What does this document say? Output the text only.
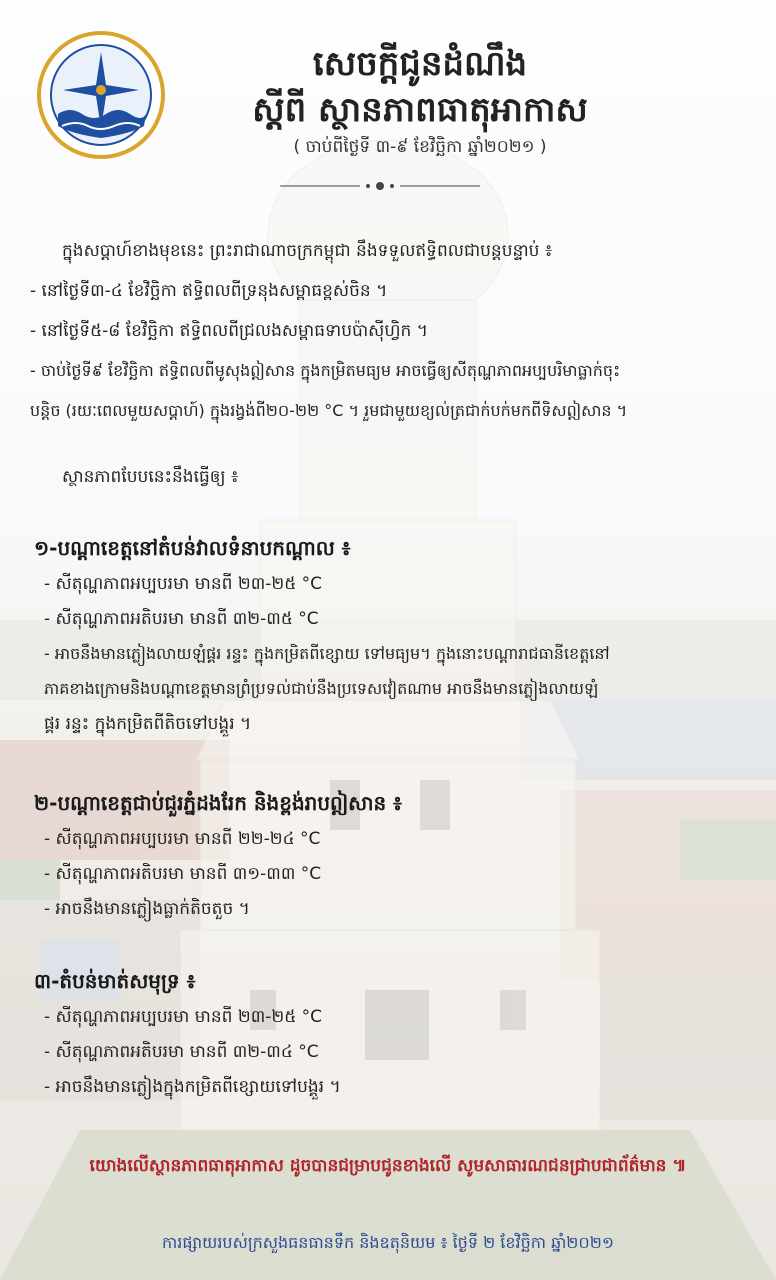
សេចក្តីជូនដំណឹង
ស្តីពី ស្ថានភាពធាតុអាកាស
( ចាប់ពីថ្ងៃទី ៣-៩ ខែវិច្ឆិកា ឆ្នាំ២០២១ )
ក្នុងសប្តាហ៍ខាងមុខនេះ ព្រះរាជាណាចក្រកម្ពុជា នឹងទទួលឥទ្ធិពលជាបន្តបន្ទាប់ ៖
- នៅថ្ងៃទី៣-៤ ខែវិច្ឆិកា ឥទ្ធិពលពីទ្រនុងសម្ពាធខ្ពស់ចិន ។
- នៅថ្ងៃទី៥-៨ ខែវិច្ឆិកា ឥទ្ធិពលពីជ្រលងសម្ពាធទាបប៉ាស៊ីហ្វិក ។
- ចាប់ថ្ងៃទី៩ ខែវិច្ឆិកា ឥទ្ធិពលពីមូសុងឦសាន ក្នុងកម្រិតមធ្យម អាចធ្វើឲ្យសីតុណ្ហភាពអប្បបរិមាធ្លាក់ចុះ
បន្តិច (រយៈពេលមួយសប្តាហ៍) ក្នុងរង្វង់ពី២០-២២ °C ។ រួមជាមួយខ្យល់ត្រជាក់បក់មកពីទិសឦសាន ។
ស្ថានភាពបែបនេះនឹងធ្វើឲ្យ ៖
១-បណ្តាខេត្តនៅតំបន់វាលទំនាបកណ្តាល ៖
- សីតុណ្ហភាពអប្បបរមា មានពី ២៣-២៥ °C
- សីតុណ្ហភាពអតិបរមា មានពី ៣២-៣៥ °C
- អាចនឹងមានភ្លៀងលាយឡំផ្គរ រន្ទះ ក្នុងកម្រិតពីខ្សោយ ទៅមធ្យម។ ក្នុងនោះបណ្តារាជធានីខេត្តនៅ
ភាគខាងក្រោមនិងបណ្តាខេត្តមានព្រំប្រទល់ជាប់នឹងប្រទេសវៀតណាម អាចនឹងមានភ្លៀងលាយឡំ
ផ្គរ រន្ទះ ក្នុងកម្រិតពីតិចទៅបង្គួរ ។
២-បណ្តាខេត្តជាប់ជួរភ្នំដងរែក និងខ្ពង់រាបឦសាន ៖
- សីតុណ្ហភាពអប្បបរមា មានពី ២២-២៤ °C
- សីតុណ្ហភាពអតិបរមា មានពី ៣១-៣៣ °C
- អាចនឹងមានភ្លៀងធ្លាក់តិចតួច ។
៣-តំបន់មាត់សមុទ្រ ៖
- សីតុណ្ហភាពអប្បបរមា មានពី ២៣-២៥ °C
- សីតុណ្ហភាពអតិបរមា មានពី ៣២-៣៤ °C
- អាចនឹងមានភ្លៀងក្នុងកម្រិតពីខ្សោយទៅបង្គួរ ។
យោងលើស្ថានភាពធាតុអាកាស ដូចបានជម្រាបជូនខាងលើ សូមសាធារណជនជ្រាបជាព័ត៌មាន ៕
ការផ្សាយរបស់ក្រសួងធនធានទឹក និងឧតុនិយម ៖ ថ្ងៃទី ២ ខែវិច្ឆិកា ឆ្នាំ២០២១
